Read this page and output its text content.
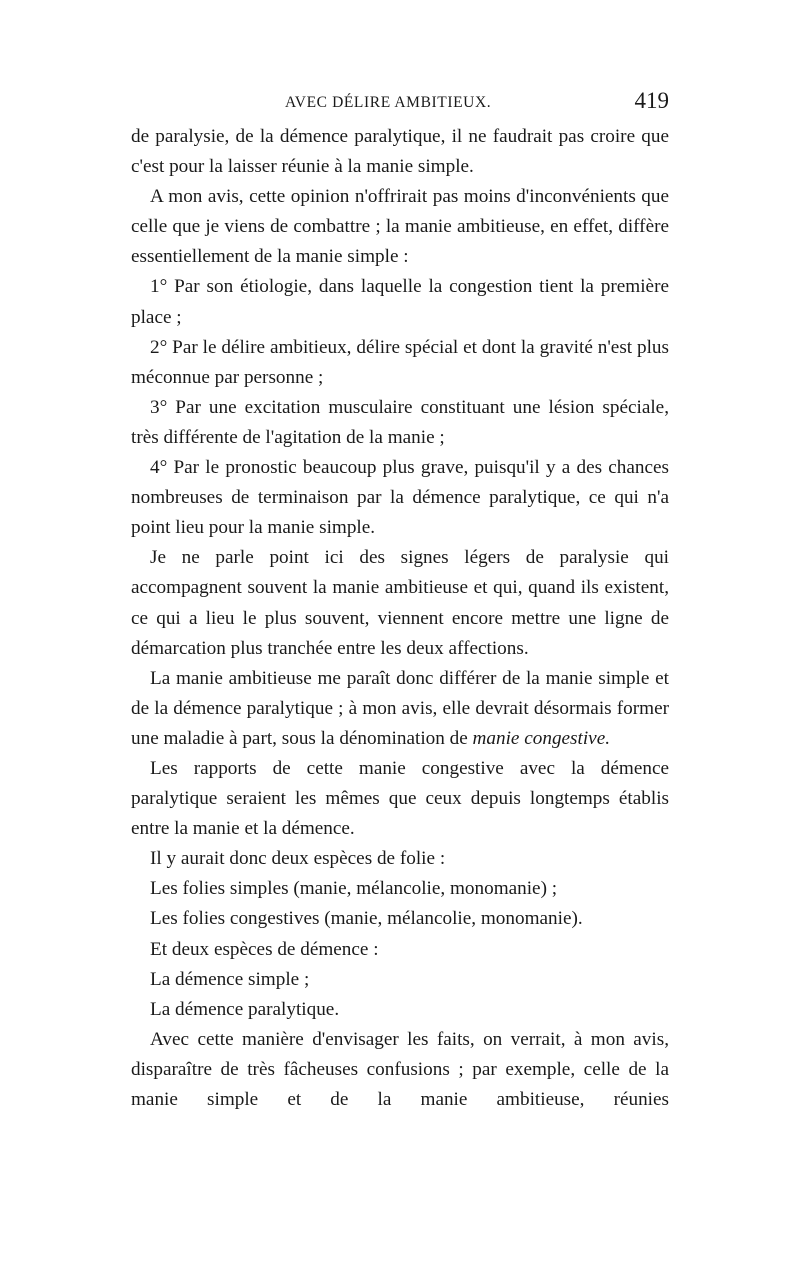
AVEC DÉLIRE AMBITIEUX.	419

de paralysie, de la démence paralytique, il ne faudrait pas croire que c'est pour la laisser réunie à la manie simple.

A mon avis, cette opinion n'offrirait pas moins d'inconvénients que celle que je viens de combattre ; la manie ambitieuse, en effet, diffère essentiellement de la manie simple :

1° Par son étiologie, dans laquelle la congestion tient la première place ;

2° Par le délire ambitieux, délire spécial et dont la gravité n'est plus méconnue par personne ;

3° Par une excitation musculaire constituant une lésion spéciale, très différente de l'agitation de la manie ;

4° Par le pronostic beaucoup plus grave, puisqu'il y a des chances nombreuses de terminaison par la démence paralytique, ce qui n'a point lieu pour la manie simple.

Je ne parle point ici des signes légers de paralysie qui accompagnent souvent la manie ambitieuse et qui, quand ils existent, ce qui a lieu le plus souvent, viennent encore mettre une ligne de démarcation plus tranchée entre les deux affections.

La manie ambitieuse me paraît donc différer de la manie simple et de la démence paralytique ; à mon avis, elle devrait désormais former une maladie à part, sous la dénomination de manie congestive.

Les rapports de cette manie congestive avec la démence paralytique seraient les mêmes que ceux depuis longtemps établis entre la manie et la démence.

Il y aurait donc deux espèces de folie :

Les folies simples (manie, mélancolie, monomanie) ;

Les folies congestives (manie, mélancolie, monomanie).

Et deux espèces de démence :

La démence simple ;

La démence paralytique.

Avec cette manière d'envisager les faits, on verrait, à mon avis, disparaître de très fâcheuses confusions ; par exemple, celle de la manie simple et de la manie ambitieuse, réunies
